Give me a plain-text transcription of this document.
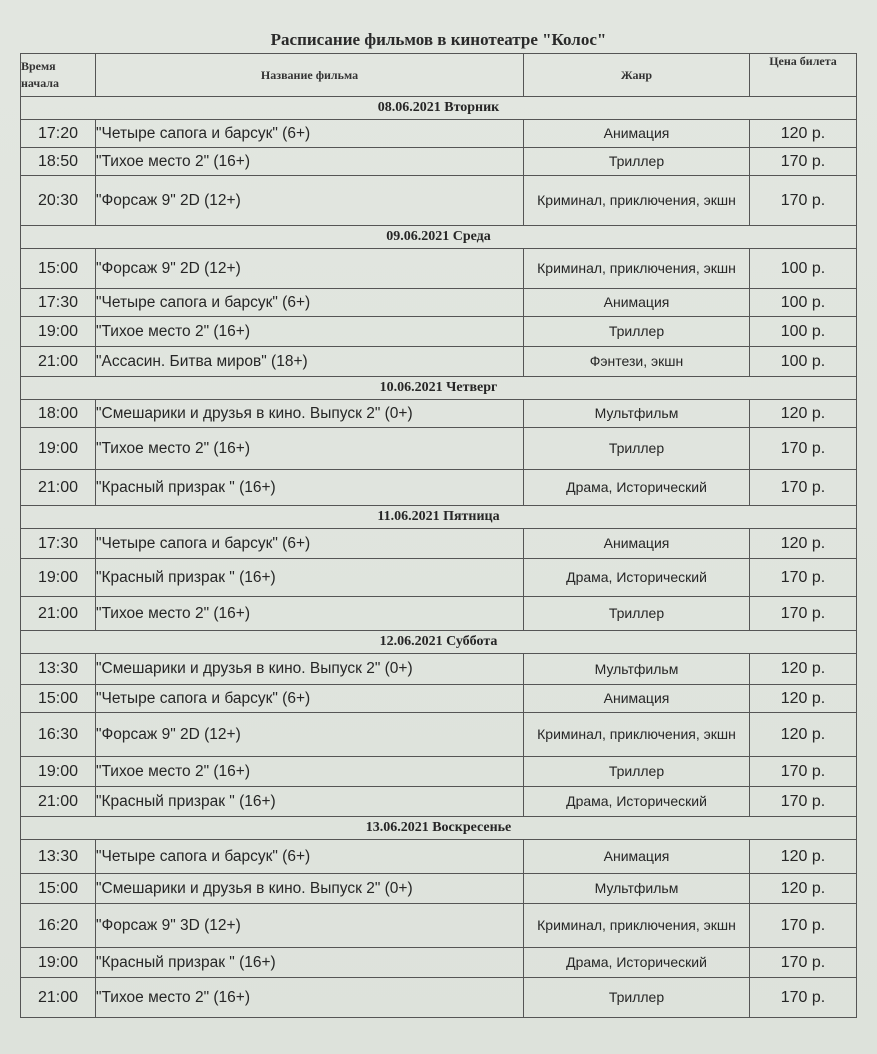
Расписание фильмов в кинотеатре "Колос"
Время
начала	Название фильма	Жанр	Цена билета
08.06.2021 Вторник			
17:20	"Четыре сапога и барсук" (6+)	Анимация	120 р.
18:50	"Тихое место 2" (16+)	Триллер	170 р.
20:30	"Форсаж 9" 2D (12+)	Криминал, приключения, экшн	170 р.
09.06.2021 Среда			
15:00	"Форсаж 9" 2D (12+)	Криминал, приключения, экшн	100 р.
17:30	"Четыре сапога и барсук" (6+)	Анимация	100 р.
19:00	"Тихое место 2" (16+)	Триллер	100 р.
21:00	"Ассасин. Битва миров" (18+)	Фэнтези, экшн	100 р.
10.06.2021 Четверг			
18:00	"Смешарики и друзья в кино. Выпуск 2" (0+)	Мультфильм	120 р.
19:00	"Тихое место 2" (16+)	Триллер	170 р.
21:00	"Красный призрак " (16+)	Драма, Исторический	170 р.
11.06.2021 Пятница			
17:30	"Четыре сапога и барсук" (6+)	Анимация	120 р.
19:00	"Красный призрак " (16+)	Драма, Исторический	170 р.
21:00	"Тихое место 2" (16+)	Триллер	170 р.
12.06.2021 Суббота			
13:30	"Смешарики и друзья в кино. Выпуск 2" (0+)	Мультфильм	120 р.
15:00	"Четыре сапога и барсук" (6+)	Анимация	120 р.
16:30	"Форсаж 9" 2D (12+)	Криминал, приключения, экшн	120 р.
19:00	"Тихое место 2" (16+)	Триллер	170 р.
21:00	"Красный призрак " (16+)	Драма, Исторический	170 р.
13.06.2021 Воскресенье			
13:30	"Четыре сапога и барсук" (6+)	Анимация	120 р.
15:00	"Смешарики и друзья в кино. Выпуск 2" (0+)	Мультфильм	120 р.
16:20	"Форсаж 9" 3D (12+)	Криминал, приключения, экшн	170 р.
19:00	"Красный призрак " (16+)	Драма, Исторический	170 р.
21:00	"Тихое место 2" (16+)	Триллер	170 р.
